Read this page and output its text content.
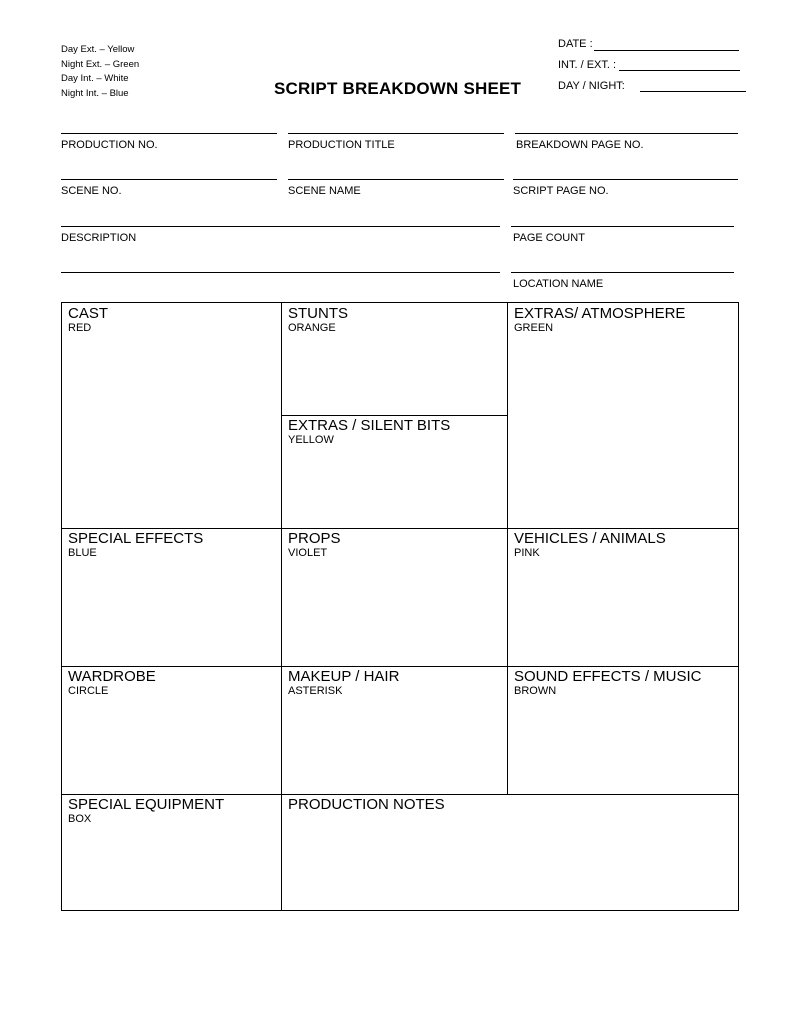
Day Ext. – Yellow
Night Ext. – Green
Day Int. – White
Night Int. – Blue	SCRIPT BREAKDOWN SHEET
DATE :
INT. / EXT. :
DAY / NIGHT:
PRODUCTION NO.	PRODUCTION TITLE	BREAKDOWN PAGE NO.
SCENE NO.	SCENE NAME	SCRIPT PAGE NO.
DESCRIPTION	PAGE COUNT
LOCATION NAME
CAST
RED
STUNTS
ORANGE
EXTRAS/ ATMOSPHERE
GREEN
EXTRAS / SILENT BITS
YELLOW
SPECIAL EFFECTS
BLUE
PROPS
VIOLET
VEHICLES / ANIMALS
PINK
WARDROBE
CIRCLE
MAKEUP / HAIR
ASTERISK
SOUND EFFECTS / MUSIC
BROWN
SPECIAL EQUIPMENT
BOX
PRODUCTION NOTES
